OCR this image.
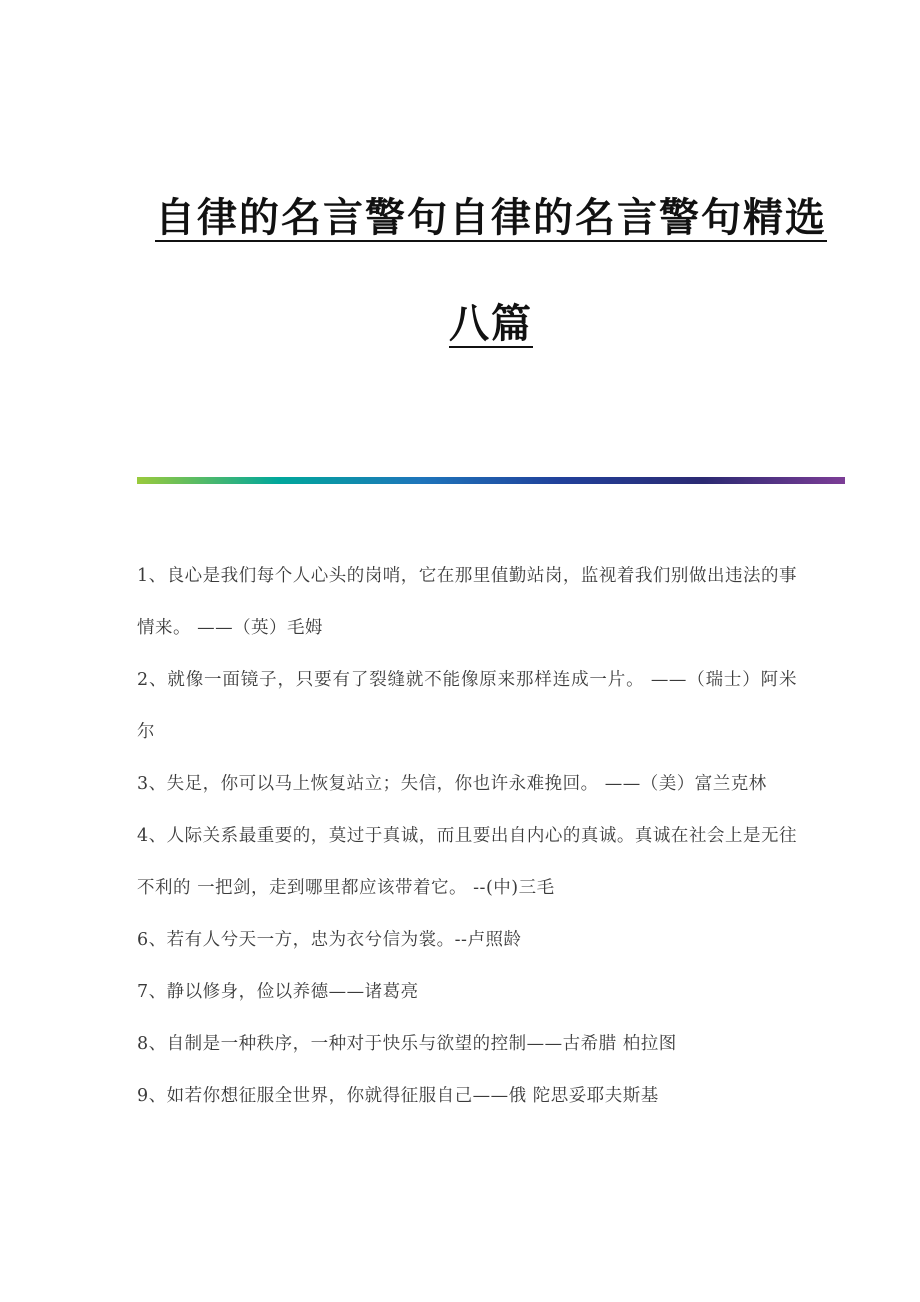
自律的名言警句自律的名言警句精选八篇

1、良心是我们每个人心头的岗哨，它在那里值勤站岗，监视着我们别做出违法的事情来。 ——（英）毛姆

2、就像一面镜子，只要有了裂缝就不能像原来那样连成一片。 ——（瑞士）阿米尔

3、失足，你可以马上恢复站立；失信，你也许永难挽回。 ——（美）富兰克林

4、人际关系最重要的，莫过于真诚，而且要出自内心的真诚。真诚在社会上是无往不利的 一把剑，走到哪里都应该带着它。 --(中)三毛

6、若有人兮天一方，忠为衣兮信为裳。--卢照龄

7、静以修身，俭以养德——诸葛亮

8、自制是一种秩序，一种对于快乐与欲望的控制——古希腊 柏拉图

9、如若你想征服全世界，你就得征服自己——俄 陀思妥耶夫斯基
